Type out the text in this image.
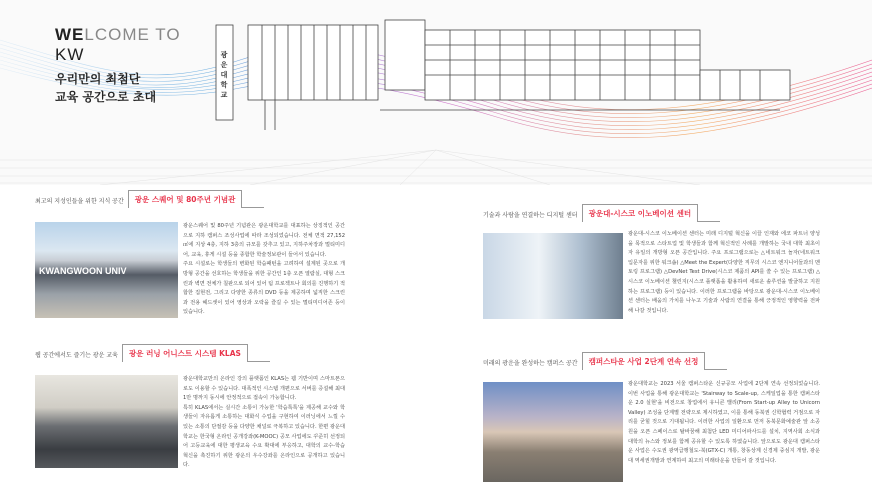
WELCOME TO
KW
우리만의 최첨단
교육 공간으로 초대
광운대학교
최고의 지성인들을 위한 지식 공간	광운 스퀘어 및 80주년 기념관
KWANGWOON UNIV

광운스퀘어 및 80주년 기념관은 광운대학교를 대표하는 상징적인 공간으로 지하 캠퍼스 조성사업에 따라 조성되었습니다. 전체 면적 27,152㎡에 지상 4층, 지하 3층의 규모를 갖추고 있고, 지하주차장과 멀티미디어, 교육, 휴게 시설 등을 종합한 학술정보관이 들어서 있습니다.

주요 시설로는 학생들의 변화된 학습패턴을 고려하여 설계된 곳으로 개방형 공간을 선호하는 학생들을 위한 공간인 1층 오픈 열람실, 대형 스크린과 벽면 전체가 칠판으로 되어 있어 팀 프로젝트나 회의를 진행하기 적합한 집현전, 그리고 다양한 종류의 DVD 등을 제공하며 넓직한 스크린과 전용 헤드셋이 있어 영상과 오락을 즐길 수 있는 멀티미디어존 등이 있습니다.

웹 공간에서도 즐기는 광운 교육	광운 러닝 어니스트 시스템 KLAS

광운대학교만의 온라인 강의 플랫폼인 KLAS는 웹 기반이며 스마트폰으로도 이용할 수 있습니다. 대폭적인 시스템 개편으로 서버를 증설해 최대 1만 명까지 동시에 안정적으로 접속이 가능합니다.

특히 KLAS에서는 실시간 소통이 가능한 '학습톡톡'을 제공해 교수와 학생들이 자유롭게 소통하는 대화식 수업을 구현하여 이러닝에서 느낄 수 있는 소통의 단절감 등을 다양한 채널로 극복하고 있습니다. 한편 광운대학교는 한국형 온라인 공개강좌(K-MOOC) 공모 사업에도 꾸준히 선정되어 고등교육에 대한 평생교육 수요 확대에 부응하고, 대학의 교수-학습 혁신을 촉진하기 위한 광운의 우수강좌를 온라인으로 공개하고 있습니다.

기술과 사람을 연결하는 디지털 센터	광운대-시스코 이노베이션 센터

광운대-시스코 이노베이션 센터는 미래 디지털 혁신을 이끌 인재와 에코 파트너 양성을 목적으로 스타트업 및 학생들과 함께 혁신적인 사례를 개발하는 국내 대학 최초이자 유일의 개방형 오픈 공간입니다. 주요 프로그램으로는 △네트워크 놀자(네트워크 입문자를 위한 워크숍) △Meet the Expert(다양한 직무의 시스코 엔지니어들과의 멘토링 프로그램) △DevNet Test Drive(시스코 제품의 API를 쓸 수 있는 프로그램) △시스코 이노베이션 챌린지(시스코 플랫폼을 활용하여 새로운 솔루션을 발굴하고 지원하는 프로그램) 등이 있습니다. 이러한 프로그램을 바탕으로 광운대-시스코 이노베이션 센터는 배움의 가치를 나누고 기술과 사람의 연결을 통해 긍정적인 영향력을 전파해 나갈 것입니다.

미래의 광운을 완성하는 캠퍼스 공간	캠퍼스타운 사업 2단계 연속 선정

광운대학교는 2023 서울 캠퍼스타운 신규공모 사업에 2단계 연속 선정되었습니다. 이번 사업을 통해 광운대학교는 'Stairway to Scale-up, 스케일업을 통한 캠퍼스타운 2.0 실현'을 비전으로 창업에서 유니콘 밸리(From Start-up Alley to Unicorn Valley) 조성을 단계별 전략으로 제시하였고, 이를 통해 동북권 신학협력 거점으로 자리를 굳힐 것으로 기대됩니다. 이러한 사업의 일환으로 먼저 동북문화예술관 앞 소공원을 오픈 스페이스로 탈바꿈해 최첨단 LED 미디어파사드를 설치, 지역사회 소식과 대학의 뉴스와 정보를 함께 공유할 수 있도록 하였습니다. 앞으로도 광운대 캠퍼스타운 사업은 수도권 광역급행철도-북(GTX-C) 개통, 창동상계 신경제 중심지 개발, 광운대 역세권개발과 연계하여 최고의 미래타운을 만들어 갈 것입니다.
